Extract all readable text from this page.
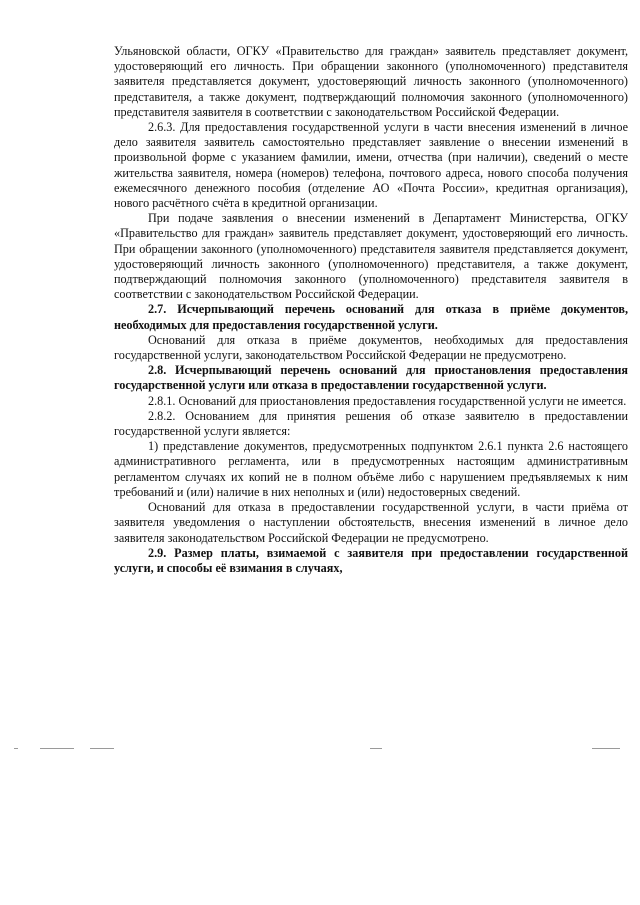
Ульяновской области, ОГКУ «Правительство для граждан» заявитель представляет документ, удостоверяющий его личность. При обращении законного (уполномоченного) представителя заявителя представляется документ, удостоверяющий личность законного (уполномоченного) представителя, а также документ, подтверждающий полномочия законного (уполномоченного) представителя заявителя в соответствии с законодательством Российской Федерации.

2.6.3. Для предоставления государственной услуги в части внесения изменений в личное дело заявителя заявитель самостоятельно представляет заявление о внесении изменений в произвольной форме с указанием фамилии, имени, отчества (при наличии), сведений о месте жительства заявителя, номера (номеров) телефона, почтового адреса, нового способа получения ежемесячного денежного пособия (отделение АО «Почта России», кредитная организация), нового расчётного счёта в кредитной организации.

При подаче заявления о внесении изменений в Департамент Министерства, ОГКУ «Правительство для граждан» заявитель представляет документ, удостоверяющий его личность. При обращении законного (уполномоченного) представителя заявителя представляется документ, удостоверяющий личность законного (уполномоченного) представителя, а также документ, подтверждающий полномочия законного (уполномоченного) представителя заявителя в соответствии с законодательством Российской Федерации.

2.7. Исчерпывающий перечень оснований для отказа в приёме документов, необходимых для предоставления государственной услуги.

Оснований для отказа в приёме документов, необходимых для предоставления государственной услуги, законодательством Российской Федерации не предусмотрено.

2.8. Исчерпывающий перечень оснований для приостановления предоставления государственной услуги или отказа в предоставлении государственной услуги.

2.8.1. Оснований для приостановления предоставления государственной услуги не имеется.

2.8.2. Основанием для принятия решения об отказе заявителю в предоставлении государственной услуги является:

1) представление документов, предусмотренных подпунктом 2.6.1 пункта 2.6 настоящего административного регламента, или в предусмотренных настоящим административным регламентом случаях их копий не в полном объёме либо с нарушением предъявляемых к ним требований и (или) наличие в них неполных и (или) недостоверных сведений.

Оснований для отказа в предоставлении государственной услуги, в части приёма от заявителя уведомления о наступлении обстоятельств, внесения изменений в личное дело заявителя законодательством Российской Федерации не предусмотрено.

2.9. Размер платы, взимаемой с заявителя при предоставлении государственной услуги, и способы её взимания в случаях,
